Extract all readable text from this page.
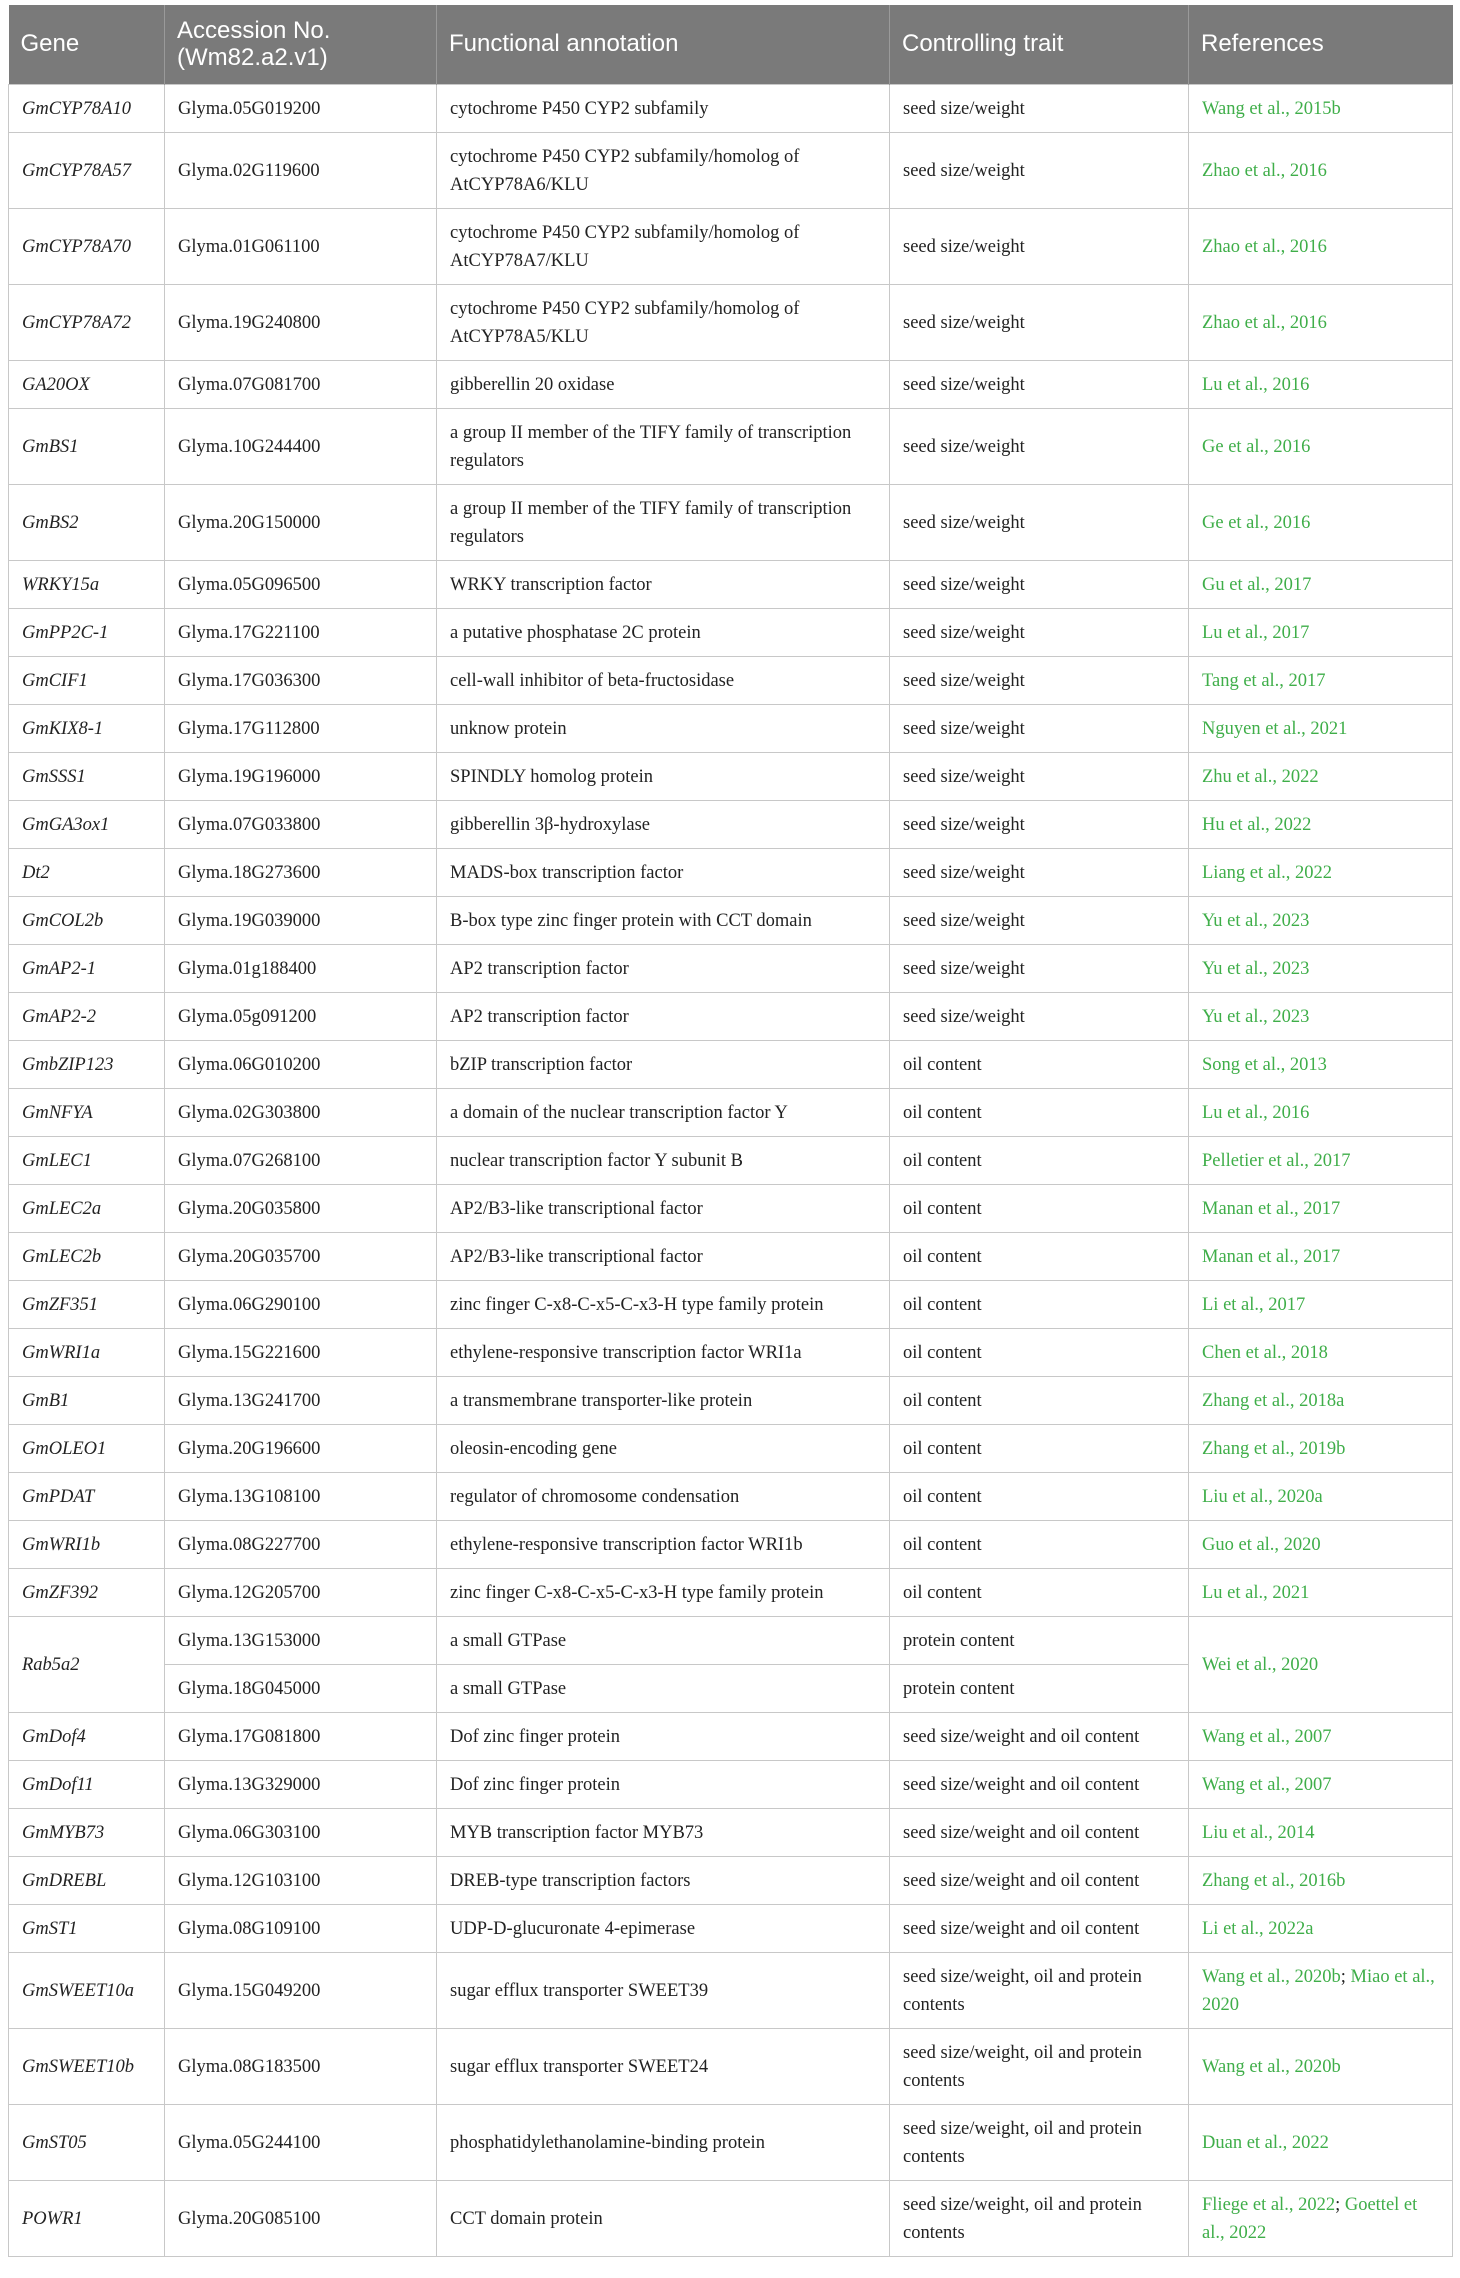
Gene	Accession No. (Wm82.a2.v1)	Functional annotation	Controlling trait	References
GmCYP78A10	Glyma.05G019200	cytochrome P450 CYP2 subfamily	seed size/weight	Wang et al., 2015b
GmCYP78A57	Glyma.02G119600	cytochrome P450 CYP2 subfamily/homolog of AtCYP78A6/KLU	seed size/weight	Zhao et al., 2016
GmCYP78A70	Glyma.01G061100	cytochrome P450 CYP2 subfamily/homolog of AtCYP78A7/KLU	seed size/weight	Zhao et al., 2016
GmCYP78A72	Glyma.19G240800	cytochrome P450 CYP2 subfamily/homolog of AtCYP78A5/KLU	seed size/weight	Zhao et al., 2016
GA20OX	Glyma.07G081700	gibberellin 20 oxidase	seed size/weight	Lu et al., 2016
GmBS1	Glyma.10G244400	a group II member of the TIFY family of transcription regulators	seed size/weight	Ge et al., 2016
GmBS2	Glyma.20G150000	a group II member of the TIFY family of transcription regulators	seed size/weight	Ge et al., 2016
WRKY15a	Glyma.05G096500	WRKY transcription factor	seed size/weight	Gu et al., 2017
GmPP2C-1	Glyma.17G221100	a putative phosphatase 2C protein	seed size/weight	Lu et al., 2017
GmCIF1	Glyma.17G036300	cell-wall inhibitor of beta-fructosidase	seed size/weight	Tang et al., 2017
GmKIX8-1	Glyma.17G112800	unknow protein	seed size/weight	Nguyen et al., 2021
GmSSS1	Glyma.19G196000	SPINDLY homolog protein	seed size/weight	Zhu et al., 2022
GmGA3ox1	Glyma.07G033800	gibberellin 3β-hydroxylase	seed size/weight	Hu et al., 2022
Dt2	Glyma.18G273600	MADS-box transcription factor	seed size/weight	Liang et al., 2022
GmCOL2b	Glyma.19G039000	B-box type zinc finger protein with CCT domain	seed size/weight	Yu et al., 2023
GmAP2-1	Glyma.01g188400	AP2 transcription factor	seed size/weight	Yu et al., 2023
GmAP2-2	Glyma.05g091200	AP2 transcription factor	seed size/weight	Yu et al., 2023
GmbZIP123	Glyma.06G010200	bZIP transcription factor	oil content	Song et al., 2013
GmNFYA	Glyma.02G303800	a domain of the nuclear transcription factor Y	oil content	Lu et al., 2016
GmLEC1	Glyma.07G268100	nuclear transcription factor Y subunit B	oil content	Pelletier et al., 2017
GmLEC2a	Glyma.20G035800	AP2/B3-like transcriptional factor	oil content	Manan et al., 2017
GmLEC2b	Glyma.20G035700	AP2/B3-like transcriptional factor	oil content	Manan et al., 2017
GmZF351	Glyma.06G290100	zinc finger C-x8-C-x5-C-x3-H type family protein	oil content	Li et al., 2017
GmWRI1a	Glyma.15G221600	ethylene-responsive transcription factor WRI1a	oil content	Chen et al., 2018
GmB1	Glyma.13G241700	a transmembrane transporter-like protein	oil content	Zhang et al., 2018a
GmOLEO1	Glyma.20G196600	oleosin-encoding gene	oil content	Zhang et al., 2019b
GmPDAT	Glyma.13G108100	regulator of chromosome condensation	oil content	Liu et al., 2020a
GmWRI1b	Glyma.08G227700	ethylene-responsive transcription factor WRI1b	oil content	Guo et al., 2020
GmZF392	Glyma.12G205700	zinc finger C-x8-C-x5-C-x3-H type family protein	oil content	Lu et al., 2021
Rab5a2	Glyma.13G153000	a small GTPase	protein content	Wei et al., 2020
	Glyma.18G045000	a small GTPase	protein content	
GmDof4	Glyma.17G081800	Dof zinc finger protein	seed size/weight and oil content	Wang et al., 2007
GmDof11	Glyma.13G329000	Dof zinc finger protein	seed size/weight and oil content	Wang et al., 2007
GmMYB73	Glyma.06G303100	MYB transcription factor MYB73	seed size/weight and oil content	Liu et al., 2014
GmDREBL	Glyma.12G103100	DREB-type transcription factors	seed size/weight and oil content	Zhang et al., 2016b
GmST1	Glyma.08G109100	UDP-D-glucuronate 4-epimerase	seed size/weight and oil content	Li et al., 2022a
GmSWEET10a	Glyma.15G049200	sugar efflux transporter SWEET39	seed size/weight, oil and protein contents	Wang et al., 2020b; Miao et al., 2020
GmSWEET10b	Glyma.08G183500	sugar efflux transporter SWEET24	seed size/weight, oil and protein contents	Wang et al., 2020b
GmST05	Glyma.05G244100	phosphatidylethanolamine-binding protein	seed size/weight, oil and protein contents	Duan et al., 2022
POWR1	Glyma.20G085100	CCT domain protein	seed size/weight, oil and protein contents	Fliege et al., 2022; Goettel et al., 2022
